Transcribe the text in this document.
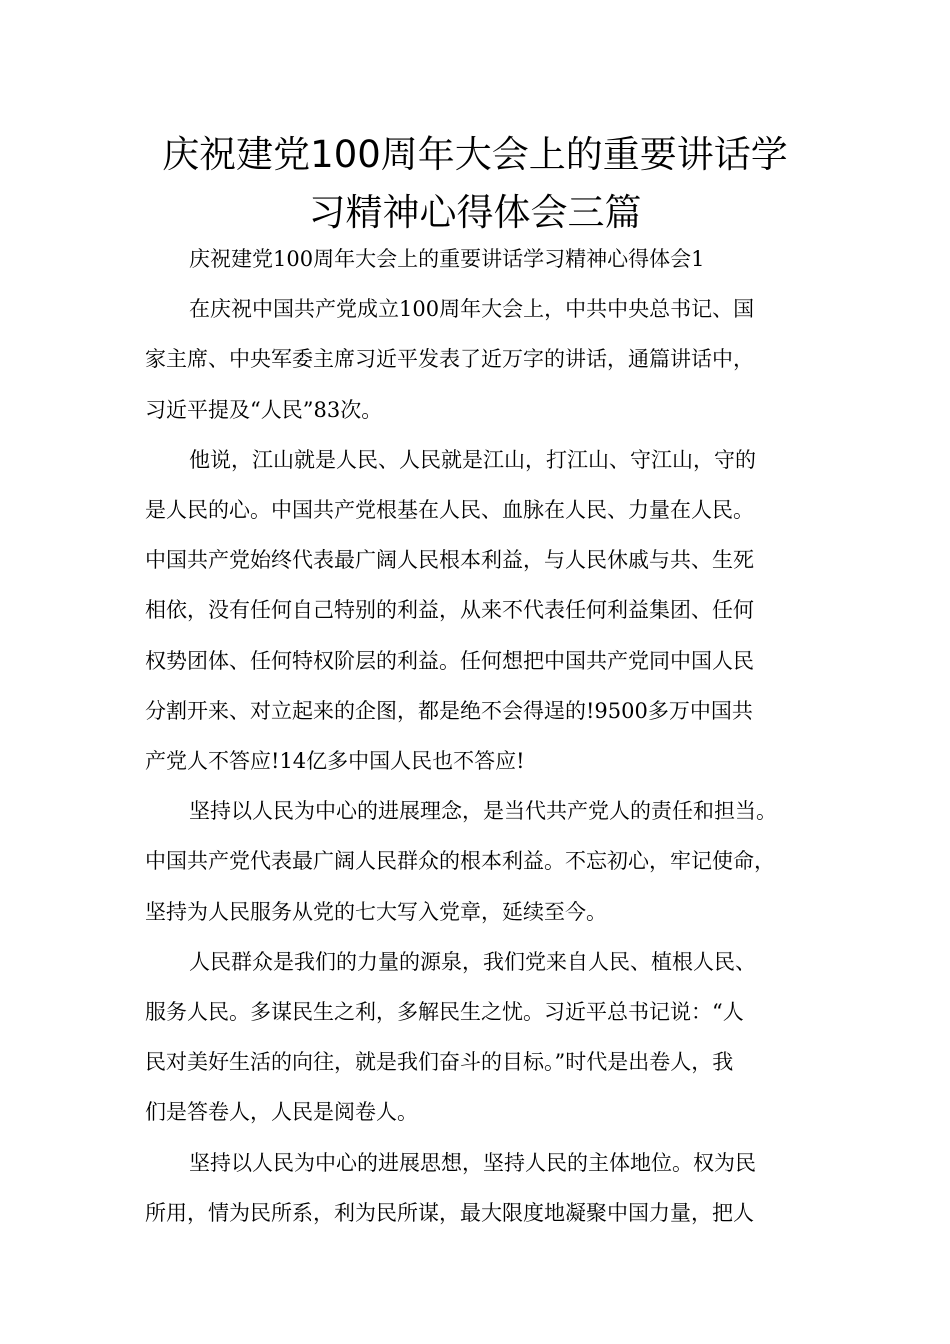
庆祝建党100周年大会上的重要讲话学
习精神心得体会三篇
庆祝建党100周年大会上的重要讲话学习精神心得体会1
在庆祝中国共产党成立100周年大会上，中共中央总书记、国
家主席、中央军委主席习近平发表了近万字的讲话，通篇讲话中，
习近平提及“人民”83次。
他说，江山就是人民、人民就是江山，打江山、守江山，守的
是人民的心。中国共产党根基在人民、血脉在人民、力量在人民。
中国共产党始终代表最广阔人民根本利益，与人民休戚与共、生死
相依，没有任何自己特别的利益，从来不代表任何利益集团、任何
权势团体、任何特权阶层的利益。任何想把中国共产党同中国人民
分割开来、对立起来的企图，都是绝不会得逞的!9500多万中国共
产党人不答应!14亿多中国人民也不答应!
坚持以人民为中心的进展理念，是当代共产党人的责任和担当。
中国共产党代表最广阔人民群众的根本利益。不忘初心，牢记使命，
坚持为人民服务从党的七大写入党章，延续至今。
人民群众是我们的力量的源泉，我们党来自人民、植根人民、
服务人民。多谋民生之利，多解民生之忧。习近平总书记说：“人
民对美好生活的向往，就是我们奋斗的目标。”时代是出卷人，我
们是答卷人，人民是阅卷人。
坚持以人民为中心的进展思想，坚持人民的主体地位。权为民
所用，情为民所系，利为民所谋，最大限度地凝聚中国力量，把人
